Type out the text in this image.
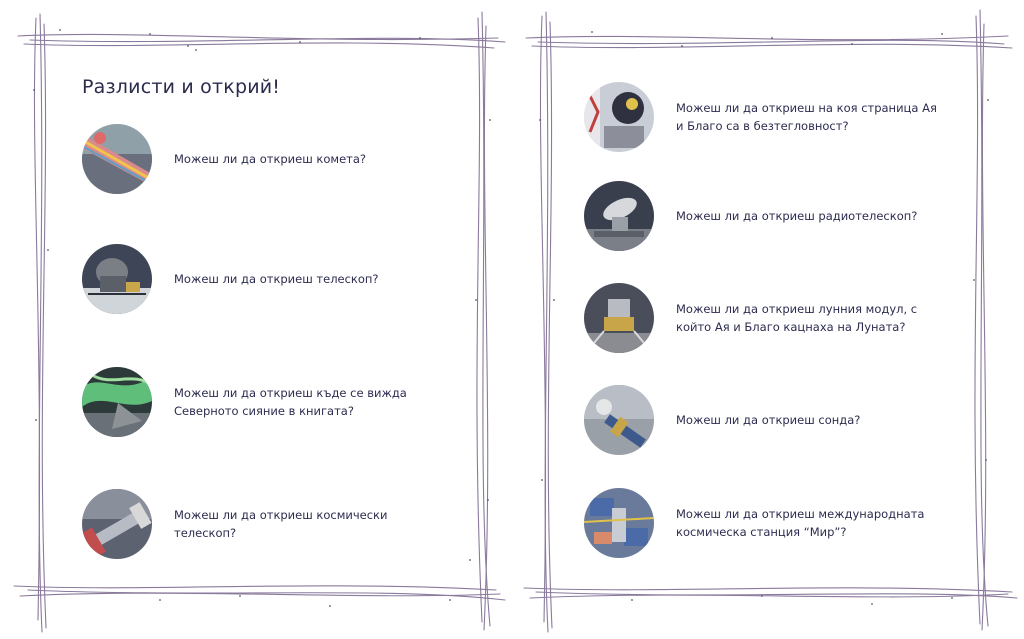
Разлисти и открий!
Можеш ли да откриеш комета?
Можеш ли да откриеш телескоп?
Можеш ли да откриеш къде се вижда Северното сияние в книгата?
Можеш ли да откриеш космически телескоп?
Можеш ли да откриеш на коя страница Ая и Благо са в безтегловност?
Можеш ли да откриеш радиотелескоп?
Можеш ли да откриеш лунния модул, с който Ая и Благо кацнаха на Луната?
Можеш ли да откриеш сонда?
Можеш ли да откриеш международната космическа станция “Мир”?
